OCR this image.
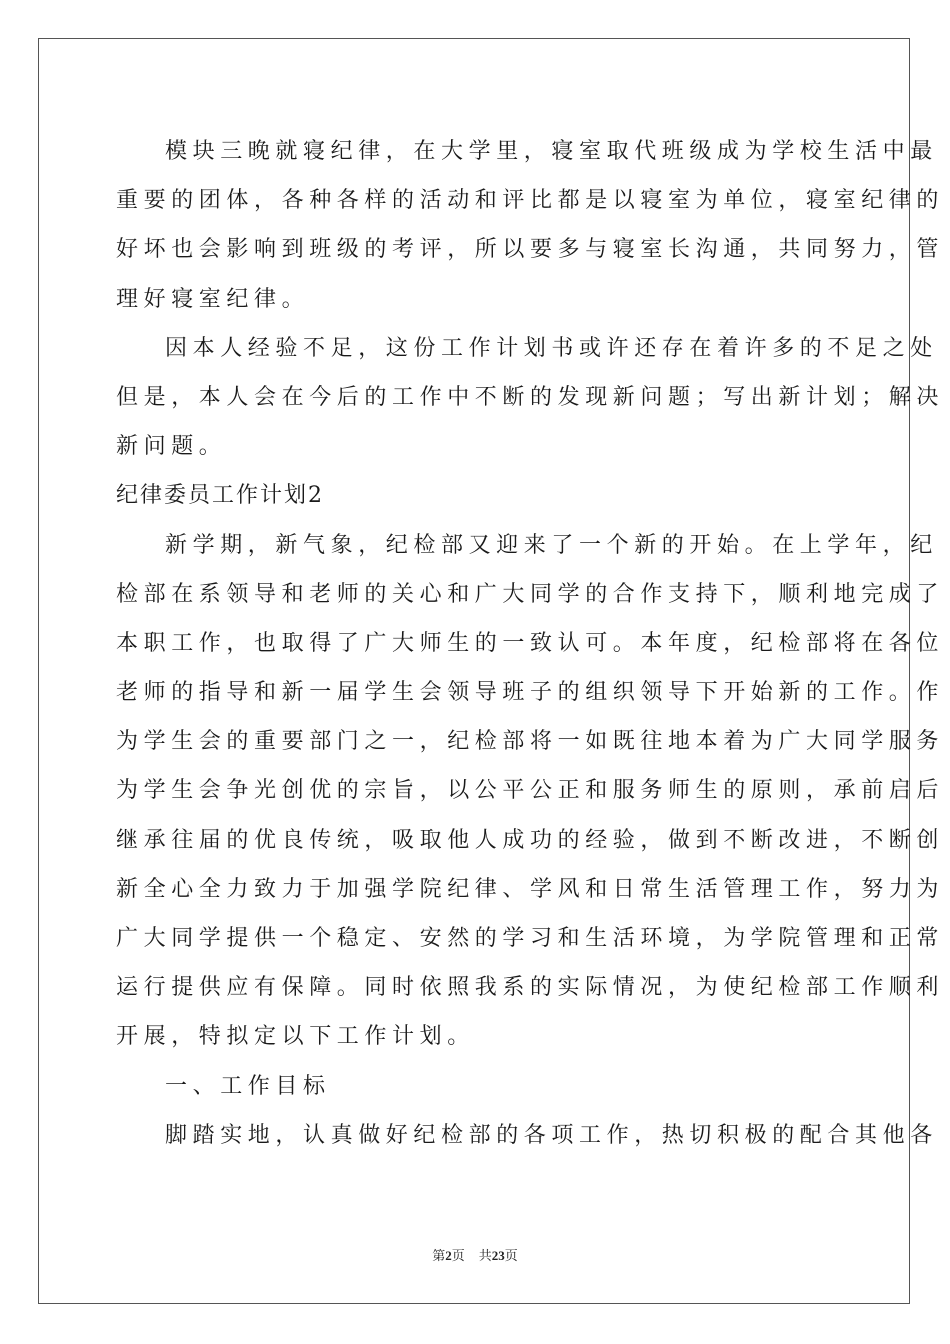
模块三晚就寝纪律，在大学里，寝室取代班级成为学校生活中最
重要的团体，各种各样的活动和评比都是以寝室为单位，寝室纪律的
好坏也会影响到班级的考评，所以要多与寝室长沟通，共同努力，管
理好寝室纪律。
因本人经验不足，这份工作计划书或许还存在着许多的不足之处
但是，本人会在今后的工作中不断的发现新问题；写出新计划；解决
新问题。
纪律委员工作计划2
新学期，新气象，纪检部又迎来了一个新的开始。在上学年，纪
检部在系领导和老师的关心和广大同学的合作支持下，顺利地完成了
本职工作，也取得了广大师生的一致认可。本年度，纪检部将在各位
老师的指导和新一届学生会领导班子的组织领导下开始新的工作。作
为学生会的重要部门之一，纪检部将一如既往地本着为广大同学服务
为学生会争光创优的宗旨，以公平公正和服务师生的原则，承前启后
继承往届的优良传统，吸取他人成功的经验，做到不断改进，不断创
新全心全力致力于加强学院纪律、学风和日常生活管理工作，努力为
广大同学提供一个稳定、安然的学习和生活环境，为学院管理和正常
运行提供应有保障。同时依照我系的实际情况，为使纪检部工作顺利
开展，特拟定以下工作计划。
一、工作目标
脚踏实地，认真做好纪检部的各项工作，热切积极的配合其他各
第2页 共23页
